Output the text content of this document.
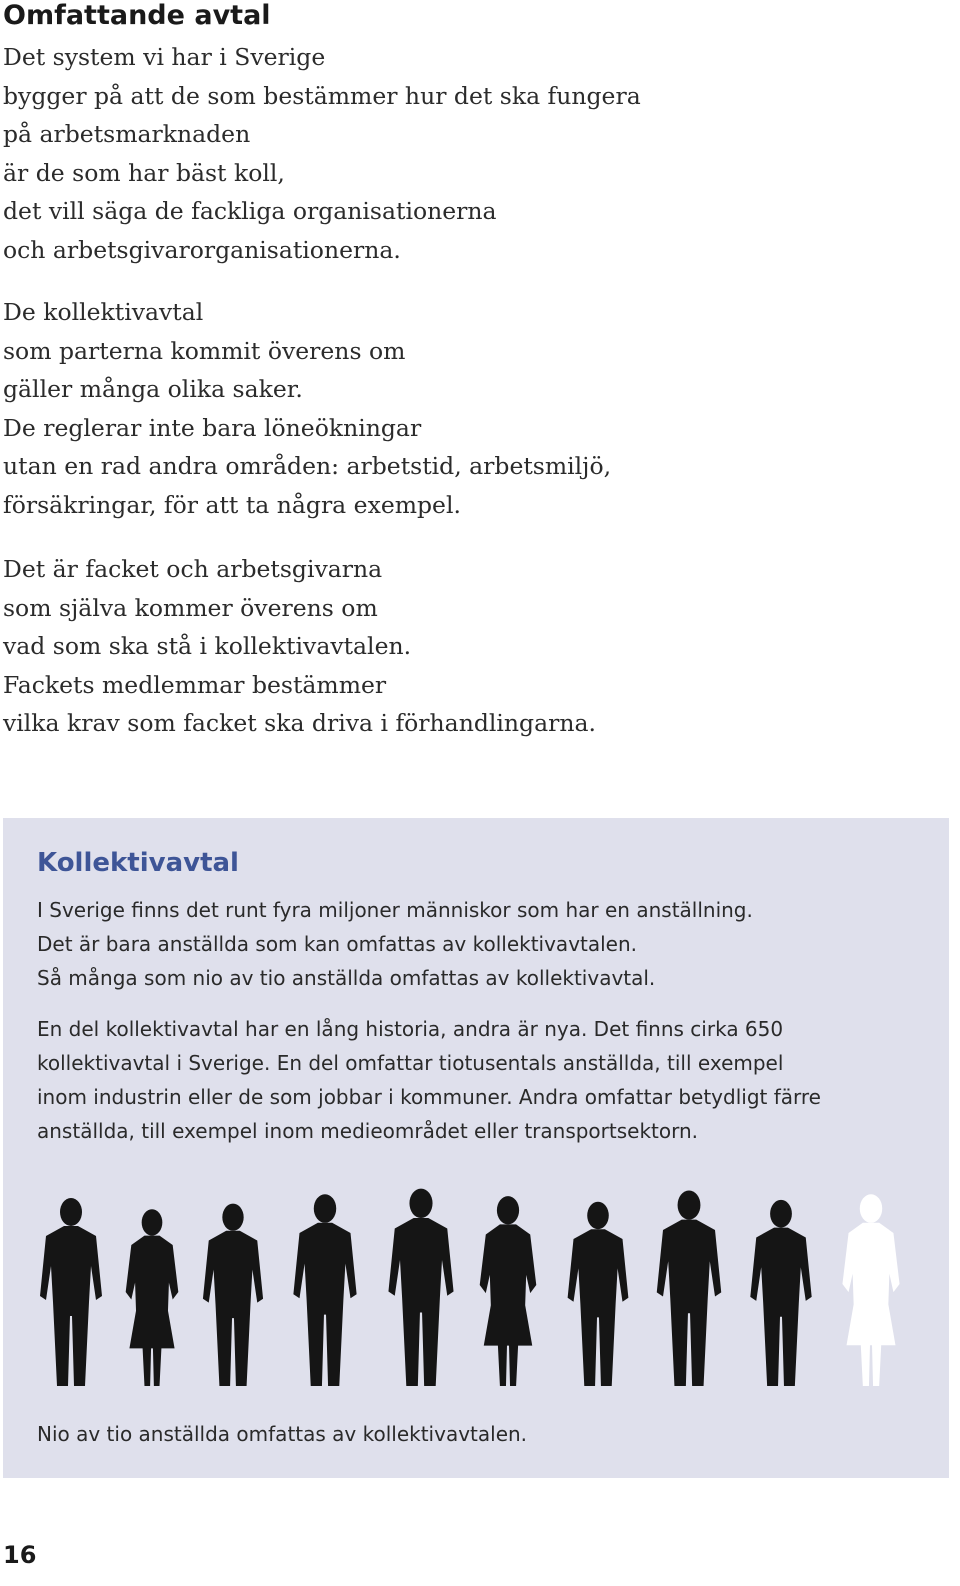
Omfattande avtal

Det system vi har i Sverige
bygger på att de som bestämmer hur det ska fungera
på arbetsmarknaden
är de som har bäst koll,
det vill säga de fackliga organisationerna
och arbetsgivarorganisationerna.

De kollektivavtal
som parterna kommit överens om
gäller många olika saker.
De reglerar inte bara löneökningar
utan en rad andra områden: arbetstid, arbetsmiljö,
försäkringar, för att ta några exempel.

Det är facket och arbetsgivarna
som själva kommer överens om
vad som ska stå i kollektivavtalen.
Fackets medlemmar bestämmer
vilka krav som facket ska driva i förhandlingarna.

Kollektivavtal

I Sverige finns det runt fyra miljoner människor som har en anställning.
Det är bara anställda som kan omfattas av kollektivavtalen.
Så många som nio av tio anställda omfattas av kollektivavtal.

En del kollektivavtal har en lång historia, andra är nya. Det finns cirka 650
kollektivavtal i Sverige. En del omfattar tiotusentals anställda, till exempel
inom industrin eller de som jobbar i kommuner. Andra omfattar betydligt färre
anställda, till exempel inom medieområdet eller transportsektorn.

Nio av tio anställda omfattas av kollektivavtalen.

16
